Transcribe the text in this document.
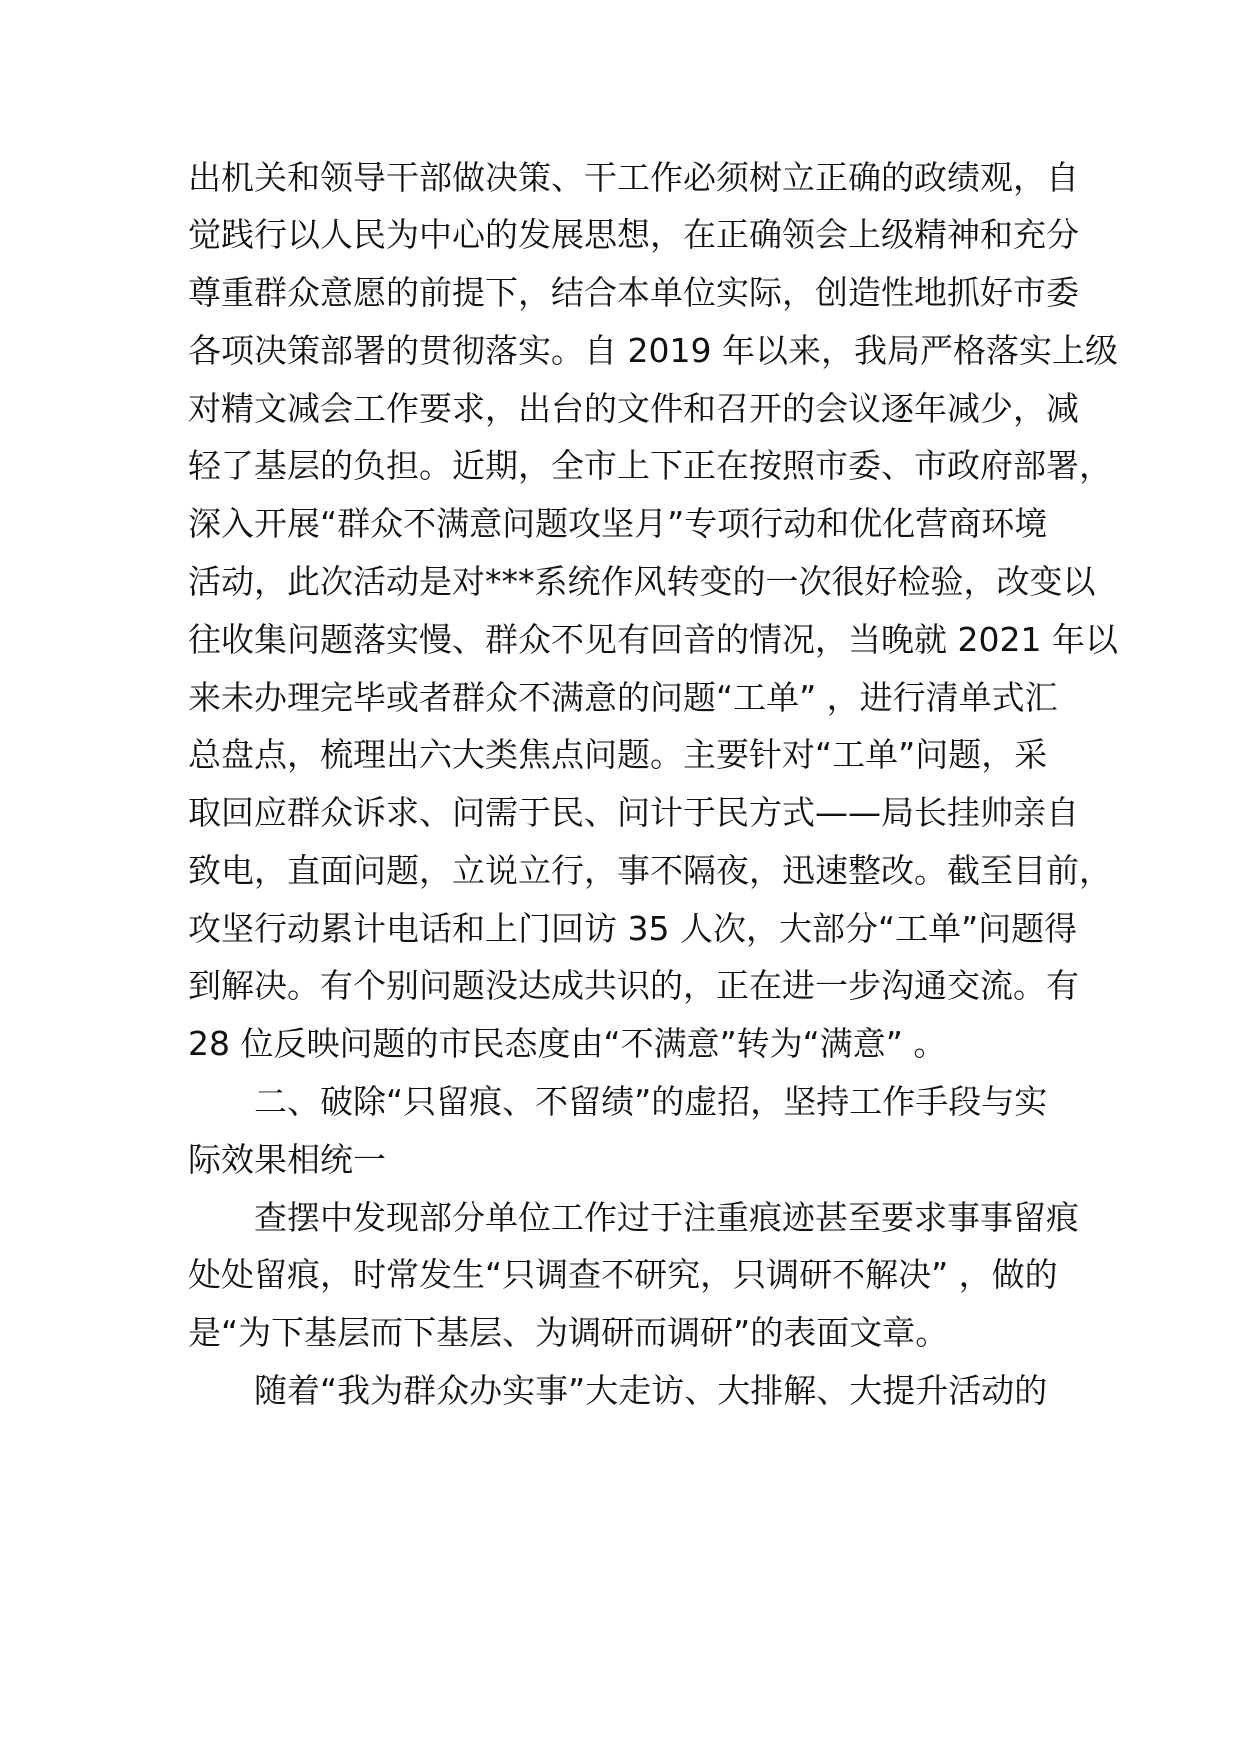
出机关和领导干部做决策、干工作必须树立正确的政绩观，自
觉践行以人民为中心的发展思想，在正确领会上级精神和充分
尊重群众意愿的前提下，结合本单位实际，创造性地抓好市委
各项决策部署的贯彻落实。自 2019 年以来，我局严格落实上级
对精文减会工作要求，出台的文件和召开的会议逐年减少，减
轻了基层的负担。近期，全市上下正在按照市委、市政府部署，
深入开展“群众不满意问题攻坚月”专项行动和优化营商环境
活动，此次活动是对***系统作风转变的一次很好检验，改变以
往收集问题落实慢、群众不见有回音的情况，当晚就 2021 年以
来未办理完毕或者群众不满意的问题“工单” ，进行清单式汇
总盘点，梳理出六大类焦点问题。主要针对“工单”问题，采
取回应群众诉求、问需于民、问计于民方式——局长挂帅亲自
致电，直面问题，立说立行，事不隔夜，迅速整改。截至目前，
攻坚行动累计电话和上门回访 35 人次，大部分“工单”问题得
到解决。有个别问题没达成共识的，正在进一步沟通交流。有
28 位反映问题的市民态度由“不满意”转为“满意” 。
二、破除“只留痕、不留绩”的虚招，坚持工作手段与实
际效果相统一
查摆中发现部分单位工作过于注重痕迹甚至要求事事留痕
处处留痕，时常发生“只调查不研究，只调研不解决” ，做的
是“为下基层而下基层、为调研而调研”的表面文章。
随着“我为群众办实事”大走访、大排解、大提升活动的
